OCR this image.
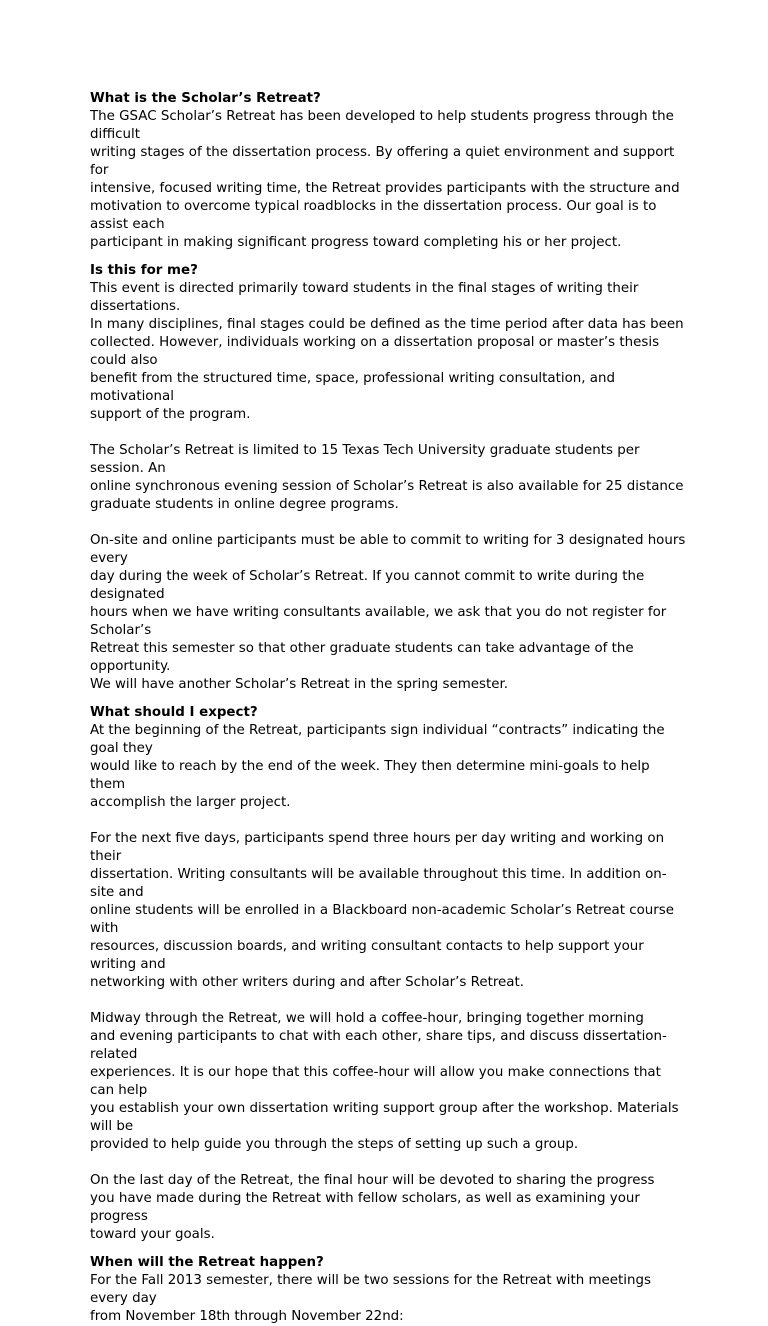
What is the Scholar’s Retreat?

The GSAC Scholar’s Retreat has been developed to help students progress through the difficult
writing stages of the dissertation process. By offering a quiet environment and support for
intensive, focused writing time, the Retreat provides participants with the structure and
motivation to overcome typical roadblocks in the dissertation process. Our goal is to assist each
participant in making significant progress toward completing his or her project.

Is this for me?

This event is directed primarily toward students in the final stages of writing their dissertations.
In many disciplines, final stages could be defined as the time period after data has been
collected. However, individuals working on a dissertation proposal or master’s thesis could also
benefit from the structured time, space, professional writing consultation, and motivational
support of the program.

The Scholar’s Retreat is limited to 15 Texas Tech University graduate students per session. An
online synchronous evening session of Scholar’s Retreat is also available for 25 distance
graduate students in online degree programs.

On-site and online participants must be able to commit to writing for 3 designated hours every
day during the week of Scholar’s Retreat. If you cannot commit to write during the designated
hours when we have writing consultants available, we ask that you do not register for Scholar’s
Retreat this semester so that other graduate students can take advantage of the opportunity.
We will have another Scholar’s Retreat in the spring semester.

What should I expect?

At the beginning of the Retreat, participants sign individual “contracts” indicating the goal they
would like to reach by the end of the week. They then determine mini-goals to help them
accomplish the larger project.

For the next five days, participants spend three hours per day writing and working on their
dissertation. Writing consultants will be available throughout this time. In addition on-site and
online students will be enrolled in a Blackboard non-academic Scholar’s Retreat course with
resources, discussion boards, and writing consultant contacts to help support your writing and
networking with other writers during and after Scholar’s Retreat.

Midway through the Retreat, we will hold a coffee-hour, bringing together morning
and evening participants to chat with each other, share tips, and discuss dissertation-related
experiences. It is our hope that this coffee-hour will allow you make connections that can help
you establish your own dissertation writing support group after the workshop. Materials will be
provided to help guide you through the steps of setting up such a group.

On the last day of the Retreat, the final hour will be devoted to sharing the progress
you have made during the Retreat with fellow scholars, as well as examining your progress
toward your goals.

When will the Retreat happen?

For the Fall 2013 semester, there will be two sessions for the Retreat with meetings every day
from November 18th through November 22nd:
